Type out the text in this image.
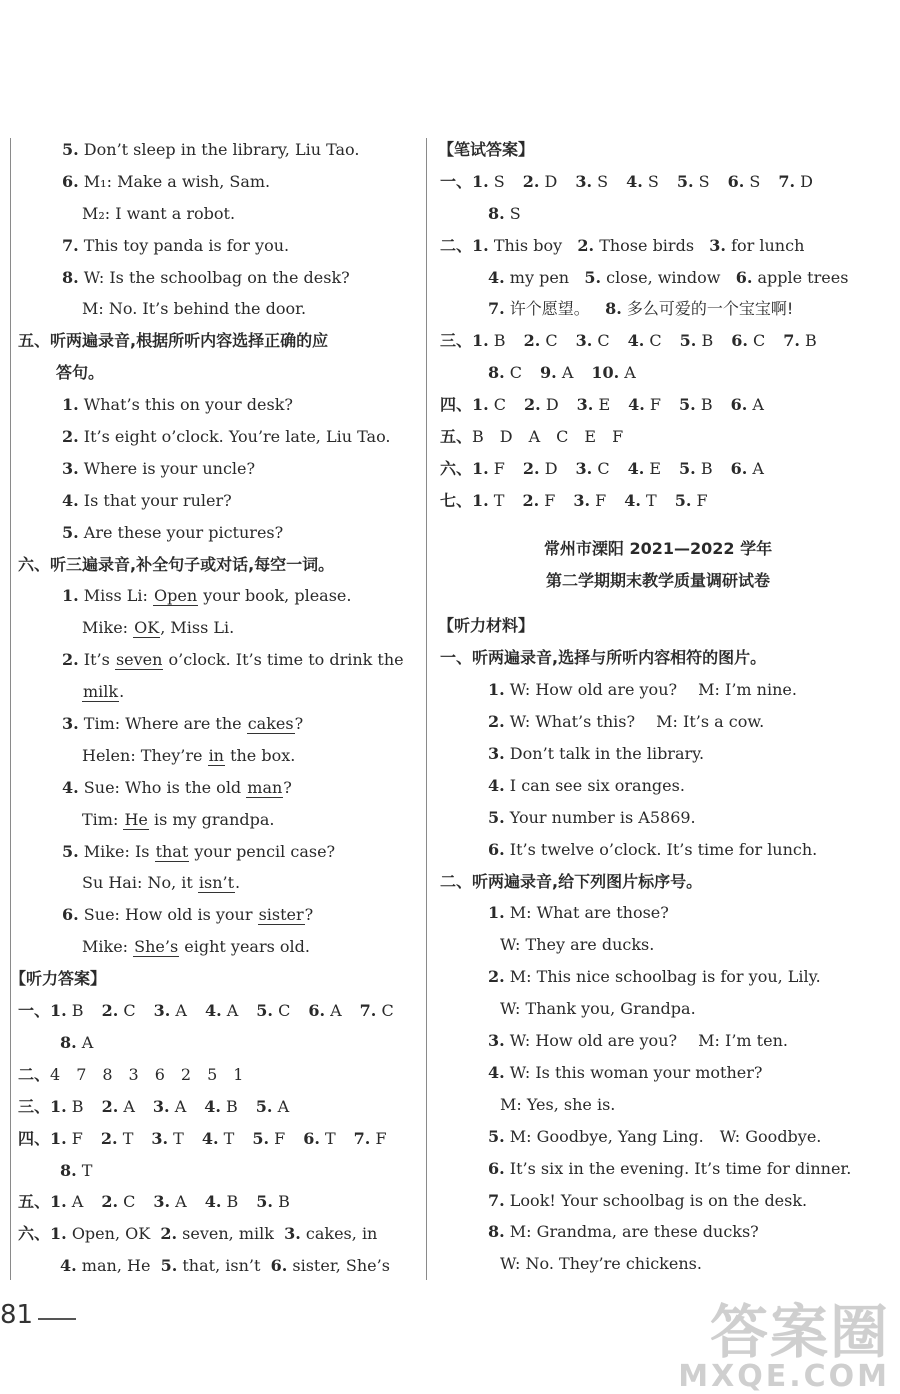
5. Don’t sleep in the library, Liu Tao.
6. M₁: Make a wish, Sam.
M₂: I want a robot.
7. This toy panda is for you.
8. W: Is the schoolbag on the desk?
M: No. It’s behind the door.
五、听两遍录音,根据所听内容选择正确的应
答句。
1. What’s this on your desk?
2. It’s eight o’clock. You’re late, Liu Tao.
3. Where is your uncle?
4. Is that your ruler?
5. Are these your pictures?
六、听三遍录音,补全句子或对话,每空一词。
1. Miss Li: Open your book, please.
Mike: OK, Miss Li.
2. It’s seven o’clock. It’s time to drink the
milk.
3. Tim: Where are the cakes?
Helen: They’re in the box.
4. Sue: Who is the old man?
Tim: He is my grandpa.
5. Mike: Is that your pencil case?
Su Hai: No, it isn’t.
6. Sue: How old is your sister?
Mike: She’s eight years old.
【听力答案】
一、1. B 2. C 3. A 4. A 5. C 6. A 7. C
8. A
二、4　7　8　3　6　2　5　1
三、1. B 2. A 3. A 4. B 5. A
四、1. F 2. T 3. T 4. T 5. F 6. T 7. F
8. T
五、1. A 2. C 3. A 4. B 5. B
六、1. Open, OK 2. seven, milk 3. cakes, in
4. man, He 5. that, isn’t 6. sister, She’s
【笔试答案】
一、1. S 2. D 3. S 4. S 5. S 6. S 7. D
8. S
二、1. This boy 2. Those birds 3. for lunch
4. my pen 5. close, window 6. apple trees
7. 许个愿望。 8. 多么可爱的一个宝宝啊!
三、1. B 2. C 3. C 4. C 5. B 6. C 7. B
8. C 9. A 10. A
四、1. C 2. D 3. E 4. F 5. B 6. A
五、B　D　A　C　E　F
六、1. F 2. D 3. C 4. E 5. B 6. A
七、1. T 2. F 3. F 4. T 5. F
常州市溧阳 2021—2022 学年
第二学期期末教学质量调研试卷
【听力材料】
一、听两遍录音,选择与所听内容相符的图片。
1. W: How old are you?　 M: I’m nine.
2. W: What’s this?　 M: It’s a cow.
3. Don’t talk in the library.
4. I can see six oranges.
5. Your number is A5869.
6. It’s twelve o’clock. It’s time for lunch.
二、听两遍录音,给下列图片标序号。
1. M: What are those?
W: They are ducks.
2. M: This nice schoolbag is for you, Lily.
W: Thank you, Grandpa.
3. W: How old are you?　 M: I’m ten.
4. W: Is this woman your mother?
M: Yes, she is.
5. M: Goodbye, Yang Ling.　W: Goodbye.
6. It’s six in the evening. It’s time for dinner.
7. Look! Your schoolbag is on the desk.
8. M: Grandma, are these ducks?
W: No. They’re chickens.
81	答案圈
MXQE.COM
